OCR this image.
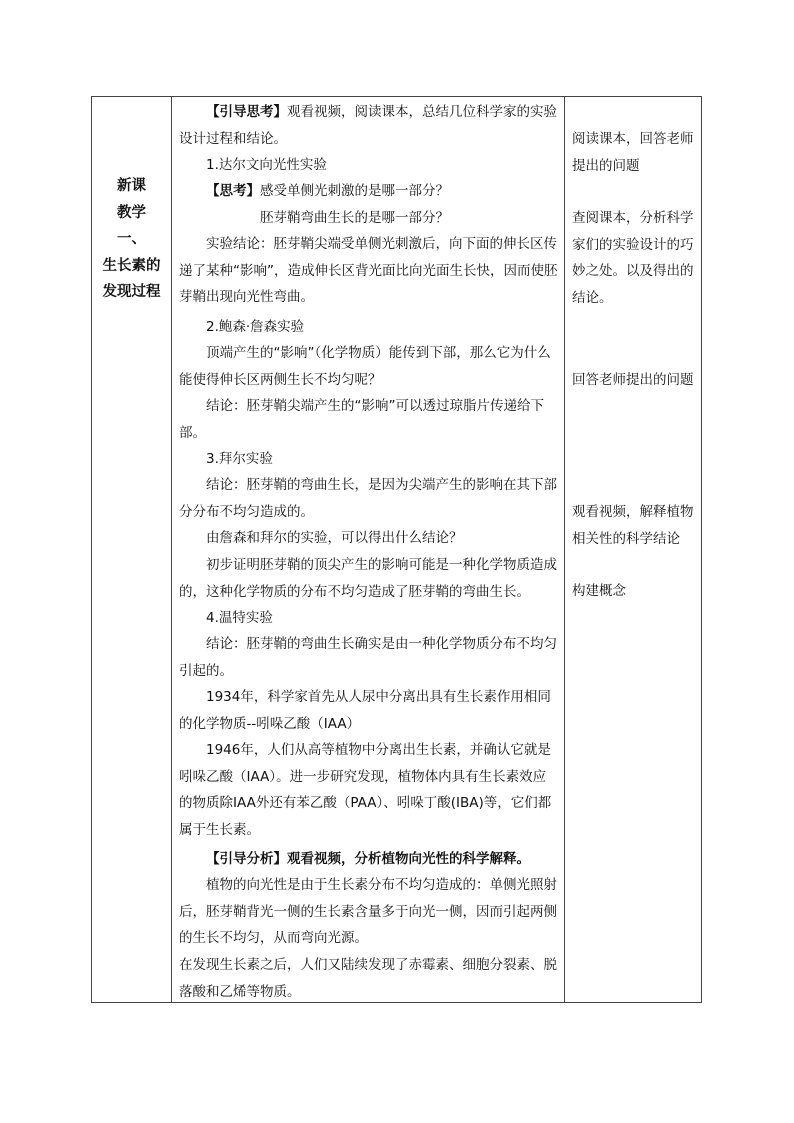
新课
教学
一、
生长素的
发现过程
【引导思考】观看视频，阅读课本，总结几位科学家的实验设计过程和结论。
1.达尔文向光性实验
【思考】感受单侧光刺激的是哪一部分？
胚芽鞘弯曲生长的是哪一部分？
实验结论：胚芽鞘尖端受单侧光刺激后，向下面的伸长区传递了某种“影响”，造成伸长区背光面比向光面生长快，因而使胚芽鞘出现向光性弯曲。
2.鲍森·詹森实验
顶端产生的“影响”（化学物质）能传到下部，那么它为什么能使得伸长区两侧生长不均匀呢？
结论：胚芽鞘尖端产生的“影响”可以透过琼脂片传递给下部。
3.拜尔实验
结论：胚芽鞘的弯曲生长，是因为尖端产生的影响在其下部分分布不均匀造成的。
由詹森和拜尔的实验，可以得出什么结论？
初步证明胚芽鞘的顶尖产生的影响可能是一种化学物质造成的，这种化学物质的分布不均匀造成了胚芽鞘的弯曲生长。
4.温特实验
结论：胚芽鞘的弯曲生长确实是由一种化学物质分布不均匀引起的。
1934年，科学家首先从人尿中分离出具有生长素作用相同的化学物质--吲哚乙酸（IAA）
1946年，人们从高等植物中分离出生长素，并确认它就是吲哚乙酸（IAA）。进一步研究发现，植物体内具有生长素效应的物质除IAA外还有苯乙酸（PAA）、吲哚丁酸(IBA)等，它们都属于生长素。
【引导分析】观看视频，分析植物向光性的科学解释。
植物的向光性是由于生长素分布不均匀造成的：单侧光照射后，胚芽鞘背光一侧的生长素含量多于向光一侧，因而引起两侧的生长不均匀，从而弯向光源。
在发现生长素之后，人们又陆续发现了赤霉素、细胞分裂素、脱落酸和乙烯等物质。
阅读课本，回答老师提出的问题
查阅课本，分析科学家们的实验设计的巧妙之处。以及得出的结论。
回答老师提出的问题
观看视频，解释植物相关性的科学结论
构建概念
